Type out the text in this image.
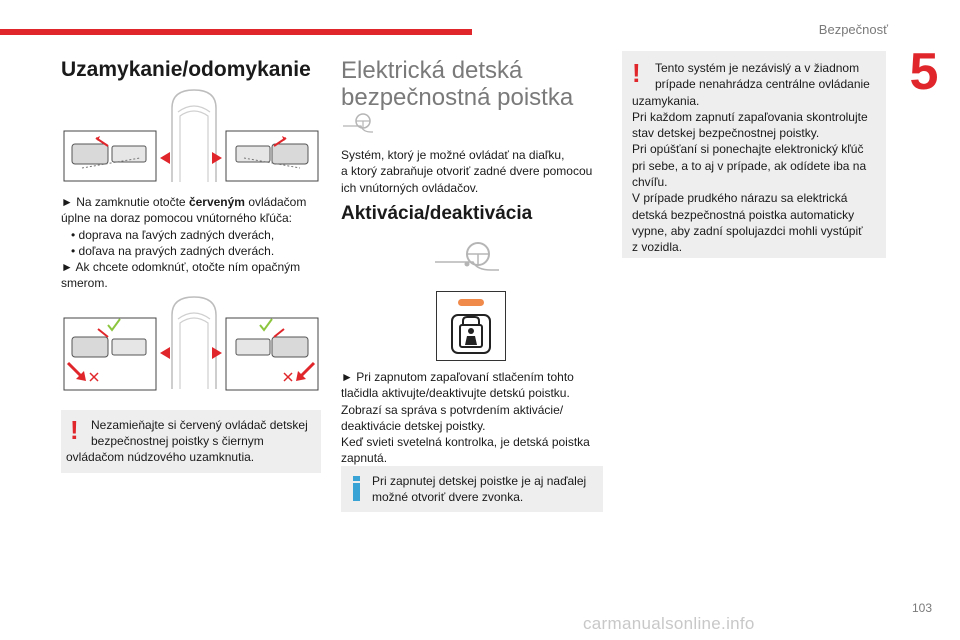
Bezpečnosť
5
Uzamykanie/odomykanie
► Na zamknutie otočte červeným ovládačom
úplne na doraz pomocou vnútorného kľúča:
• doprava na ľavých zadných dverách,
• doľava na pravých zadných dverách.
► Ak chcete odomknúť, otočte ním opačným
smerom.
! Nezamieňajte si červený ovládač detskej
bezpečnostnej poistky s čiernym
ovládačom núdzového uzamknutia.
Elektrická detská
bezpečnostná poistka
Systém, ktorý je možné ovládať na diaľku,
a ktorý zabraňuje otvoriť zadné dvere pomocou
ich vnútorných ovládačov.
Aktivácia/deaktivácia
► Pri zapnutom zapaľovaní stlačením tohto
tlačidla aktivujte/deaktivujte detskú poistku.
Zobrazí sa správa s potvrdením aktivácie/
deaktivácie detskej poistky.
Keď svieti svetelná kontrolka, je detská poistka
zapnutá.
Pri zapnutej detskej poistke je aj naďalej
možné otvoriť dvere zvonka.
! Tento systém je nezávislý a v žiadnom
prípade nenahrádza centrálne ovládanie
uzamykania.
Pri každom zapnutí zapaľovania skontrolujte
stav detskej bezpečnostnej poistky.
Pri opúšťaní si ponechajte elektronický kľúč
pri sebe, a to aj v prípade, ak odídete iba na
chvíľu.
V prípade prudkého nárazu sa elektrická
detská bezpečnostná poistka automaticky
vypne, aby zadní spolujazdci mohli vystúpiť
z vozidla.
103
carmanualsonline.info
